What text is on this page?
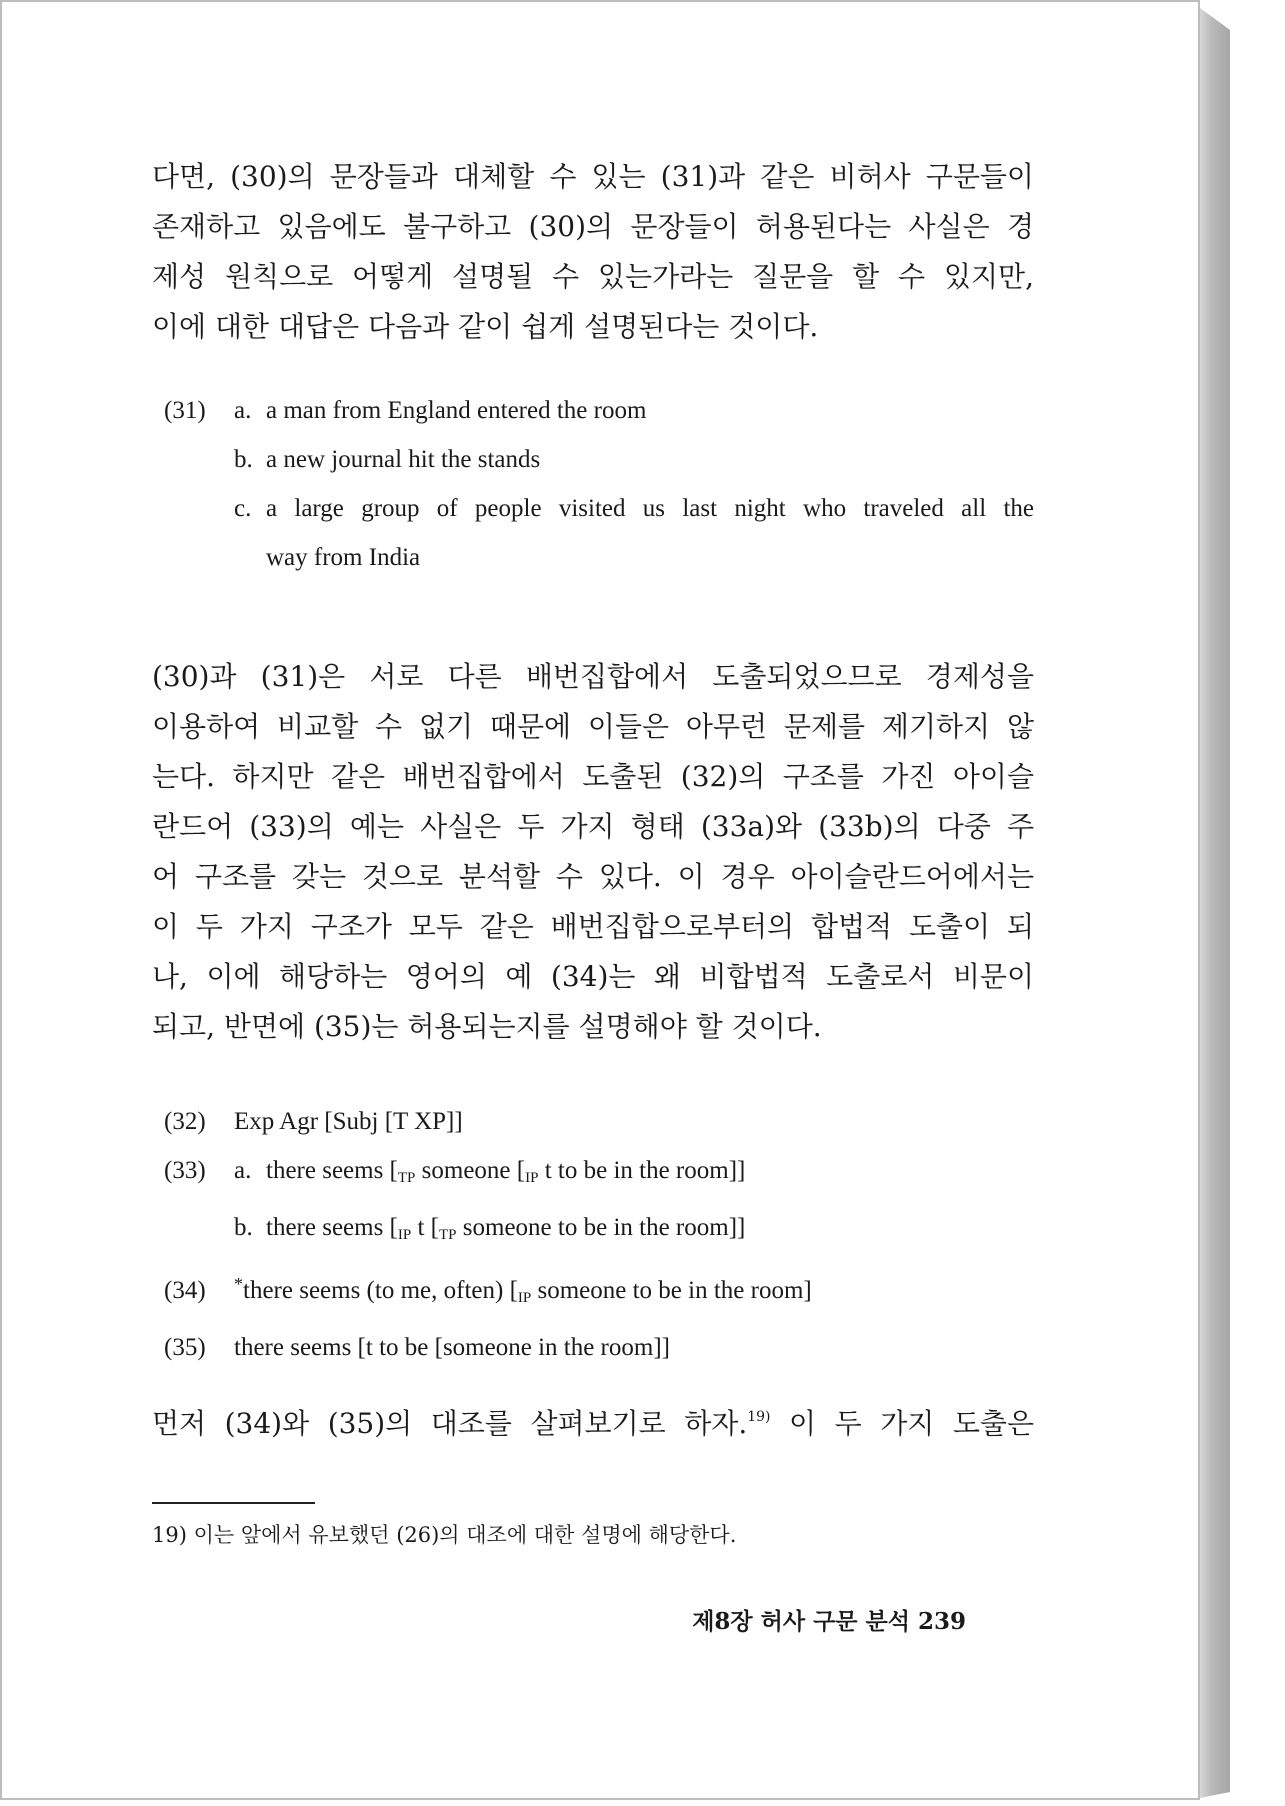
다면, (30)의 문장들과 대체할 수 있는 (31)과 같은 비허사 구문들이
존재하고 있음에도 불구하고 (30)의 문장들이 허용된다는 사실은 경
제성 원칙으로 어떻게 설명될 수 있는가라는 질문을 할 수 있지만,
이에 대한 대답은 다음과 같이 쉽게 설명된다는 것이다.
(31) a. a man from England entered the room
b. a new journal hit the stands
c. a large group of people visited us last night who traveled all the
way from India
(30)과 (31)은 서로 다른 배번집합에서 도출되었으므로 경제성을
이용하여 비교할 수 없기 때문에 이들은 아무런 문제를 제기하지 않
는다. 하지만 같은 배번집합에서 도출된 (32)의 구조를 가진 아이슬
란드어 (33)의 예는 사실은 두 가지 형태 (33a)와 (33b)의 다중 주
어 구조를 갖는 것으로 분석할 수 있다. 이 경우 아이슬란드어에서는
이 두 가지 구조가 모두 같은 배번집합으로부터의 합법적 도출이 되
나, 이에 해당하는 영어의 예 (34)는 왜 비합법적 도출로서 비문이
되고, 반면에 (35)는 허용되는지를 설명해야 할 것이다.
(32) Exp Agr [Subj [T XP]]
(33) a. there seems [$_{TP}$ someone [$_{IP}$ t to be in the room]]
b. there seems [$_{IP}$ t [$_{TP}$ someone to be in the room]]
(34) *there seems (to me, often) [$_{IP}$ someone to be in the room]
(35) there seems [t to be [someone in the room]]
먼저 (34)와 (35)의 대조를 살펴보기로 하자.$^{19)}$ 이 두 가지 도출은
19) 이는 앞에서 유보했던 (26)의 대조에 대한 설명에 해당한다.
제8장 허사 구문 분석 239
